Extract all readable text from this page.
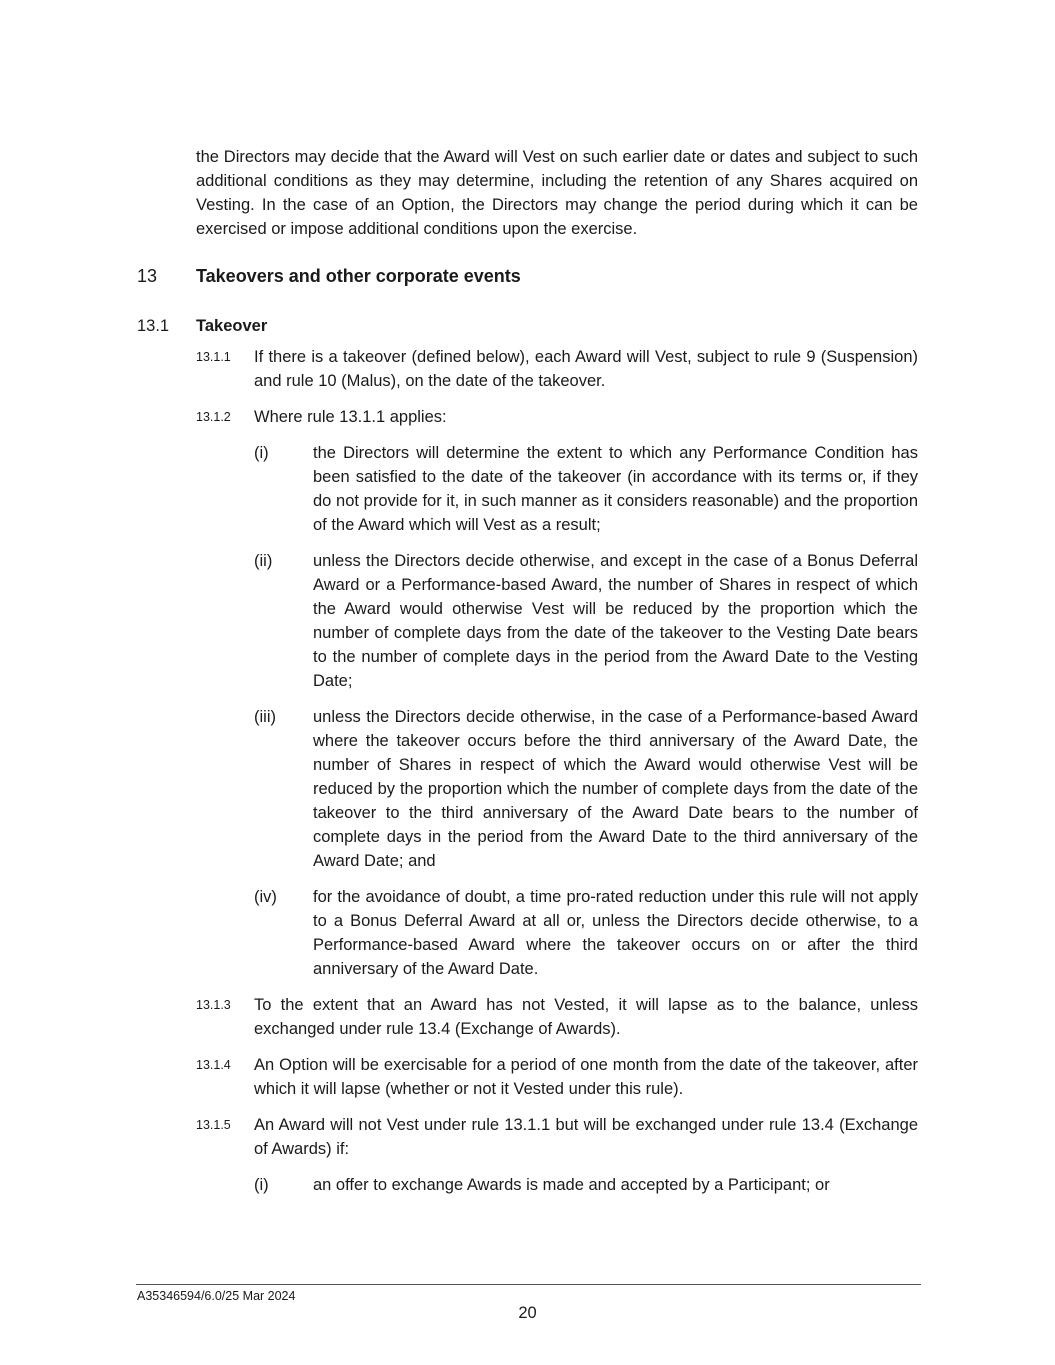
the Directors may decide that the Award will Vest on such earlier date or dates and subject to such additional conditions as they may determine, including the retention of any Shares acquired on Vesting. In the case of an Option, the Directors may change the period during which it can be exercised or impose additional conditions upon the exercise.
13 Takeovers and other corporate events
13.1 Takeover
13.1.1 If there is a takeover (defined below), each Award will Vest, subject to rule 9 (Suspension) and rule 10 (Malus), on the date of the takeover.
13.1.2 Where rule 13.1.1 applies:
(i)	the Directors will determine the extent to which any Performance Condition has been satisfied to the date of the takeover (in accordance with its terms or, if they do not provide for it, in such manner as it considers reasonable) and the proportion of the Award which will Vest as a result;
(ii) unless the Directors decide otherwise, and except in the case of a Bonus Deferral Award or a Performance-based Award, the number of Shares in respect of which the Award would otherwise Vest will be reduced by the proportion which the number of complete days from the date of the takeover to the Vesting Date bears to the number of complete days in the period from the Award Date to the Vesting Date;
(iii) unless the Directors decide otherwise, in the case of a Performance-based Award where the takeover occurs before the third anniversary of the Award Date, the number of Shares in respect of which the Award would otherwise Vest will be reduced by the proportion which the number of complete days from the date of the takeover to the third anniversary of the Award Date bears to the number of complete days in the period from the Award Date to the third anniversary of the Award Date; and
(iv) for the avoidance of doubt, a time pro-rated reduction under this rule will not apply to a Bonus Deferral Award at all or, unless the Directors decide otherwise, to a Performance-based Award where the takeover occurs on or after the third anniversary of the Award Date.
13.1.3 To the extent that an Award has not Vested, it will lapse as to the balance, unless exchanged under rule 13.4 (Exchange of Awards).
13.1.4 An Option will be exercisable for a period of one month from the date of the takeover, after which it will lapse (whether or not it Vested under this rule).
13.1.5 An Award will not Vest under rule 13.1.1 but will be exchanged under rule 13.4 (Exchange of Awards) if:
(i)	an offer to exchange Awards is made and accepted by a Participant; or
A35346594/6.0/25 Mar 2024
20
